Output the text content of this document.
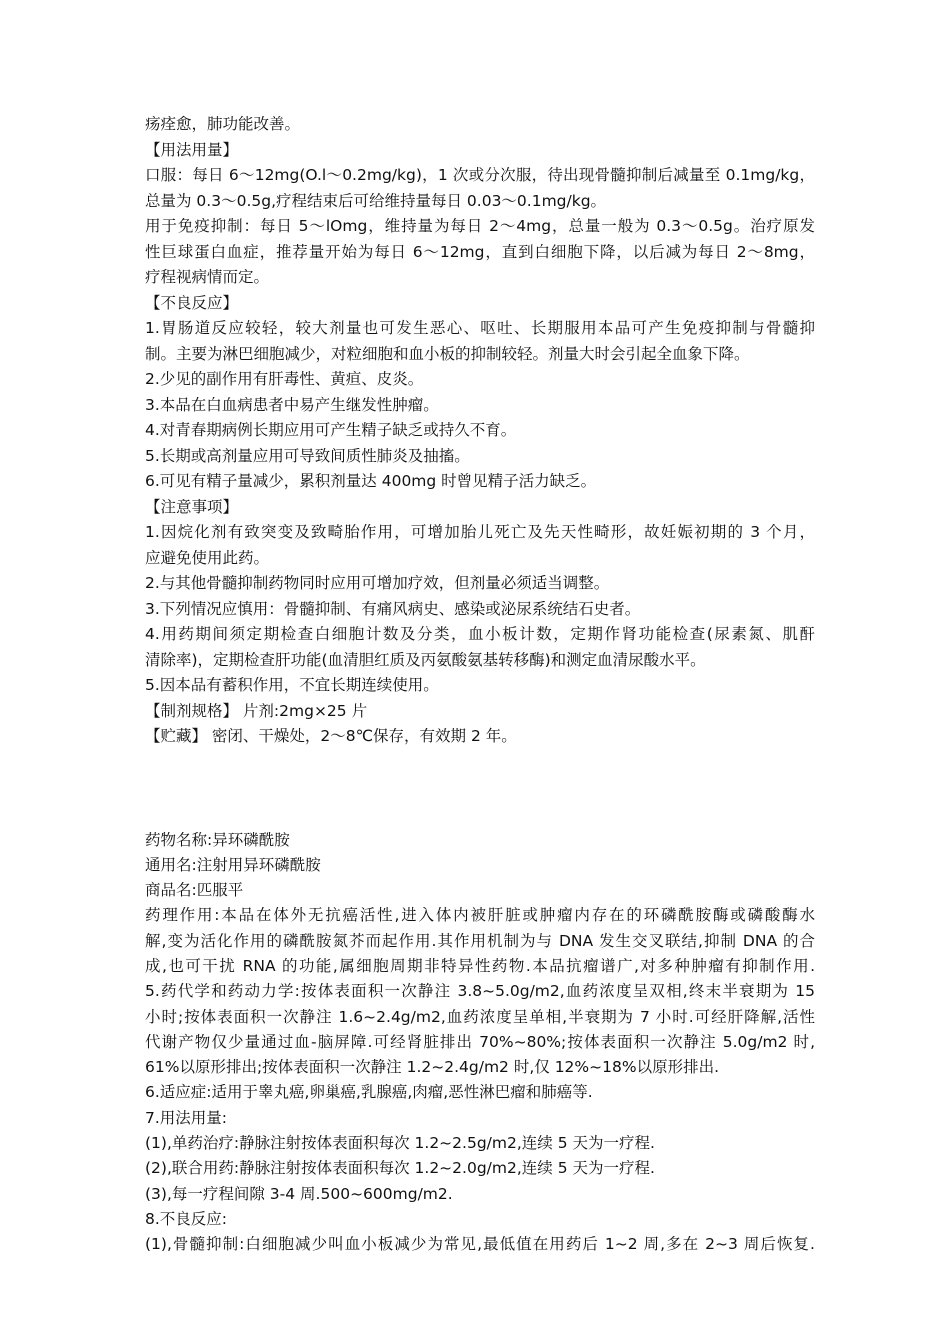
疡痊愈，肺功能改善。
【用法用量】
口服：每日 6～12mg(O.l～0.2mg/kg)，1 次或分次服，待出现骨髓抑制后减量至 0.1mg/kg，
总量为 0.3～0.5g,疗程结束后可给维持量每日 0.03～0.1mg/kg。
用于免疫抑制：每日 5～lOmg，维持量为每日 2～4mg，总量一般为 0.3～0.5g。治疗原发
性巨球蛋白血症，推荐量开始为每日 6～12mg，直到白细胞下降，以后减为每日 2～8mg，
疗程视病情而定。
【不良反应】
1.胃肠道反应较轻，较大剂量也可发生恶心、呕吐、长期服用本品可产生免疫抑制与骨髓抑
制。主要为淋巴细胞减少，对粒细胞和血小板的抑制较轻。剂量大时会引起全血象下降。
2.少见的副作用有肝毒性、黄疸、皮炎。
3.本品在白血病患者中易产生继发性肿瘤。
4.对青春期病例长期应用可产生精子缺乏或持久不育。
5.长期或高剂量应用可导致间质性肺炎及抽搐。
6.可见有精子量减少，累积剂量达 400mg 时曾见精子活力缺乏。
【注意事项】
1.因烷化剂有致突变及致畸胎作用，可增加胎儿死亡及先天性畸形，故妊娠初期的 3 个月，
应避免使用此药。
2.与其他骨髓抑制药物同时应用可增加疗效，但剂量必须适当调整。
3.下列情况应慎用：骨髓抑制、有痛风病史、感染或泌尿系统结石史者。
4.用药期间须定期检查白细胞计数及分类，血小板计数，定期作肾功能检查(尿素氮、肌酐
清除率)，定期检查肝功能(血清胆红质及丙氨酸氨基转移酶)和测定血清尿酸水平。
5.因本品有蓄积作用，不宜长期连续使用。
【制剂规格】 片剂:2mg×25 片
【贮藏】 密闭、干燥处，2～8℃保存，有效期 2 年。
药物名称:异环磷酰胺
通用名:注射用异环磷酰胺
商品名:匹服平
药理作用:本品在体外无抗癌活性,进入体内被肝脏或肿瘤内存在的环磷酰胺酶或磷酸酶水
解,变为活化作用的磷酰胺氮芥而起作用.其作用机制为与 DNA 发生交叉联结,抑制 DNA 的合
成,也可干扰 RNA 的功能,属细胞周期非特异性药物.本品抗瘤谱广,对多种肿瘤有抑制作用.
5.药代学和药动力学:按体表面积一次静注 3.8~5.0g/m2,血药浓度呈双相,终末半衰期为 15
小时;按体表面积一次静注 1.6~2.4g/m2,血药浓度呈单相,半衰期为 7 小时.可经肝降解,活性
代谢产物仅少量通过血-脑屏障.可经肾脏排出 70%~80%;按体表面积一次静注 5.0g/m2 时,
61%以原形排出;按体表面积一次静注 1.2~2.4g/m2 时,仅 12%~18%以原形排出.
6.适应症:适用于睾丸癌,卵巢癌,乳腺癌,肉瘤,恶性淋巴瘤和肺癌等.
7.用法用量:
(1),单药治疗:静脉注射按体表面积每次 1.2~2.5g/m2,连续 5 天为一疗程.
(2),联合用药:静脉注射按体表面积每次 1.2~2.0g/m2,连续 5 天为一疗程.
(3),每一疗程间隙 3-4 周.500~600mg/m2.
8.不良反应:
(1),骨髓抑制:白细胞减少叫血小板减少为常见,最低值在用药后 1~2 周,多在 2~3 周后恢复.
